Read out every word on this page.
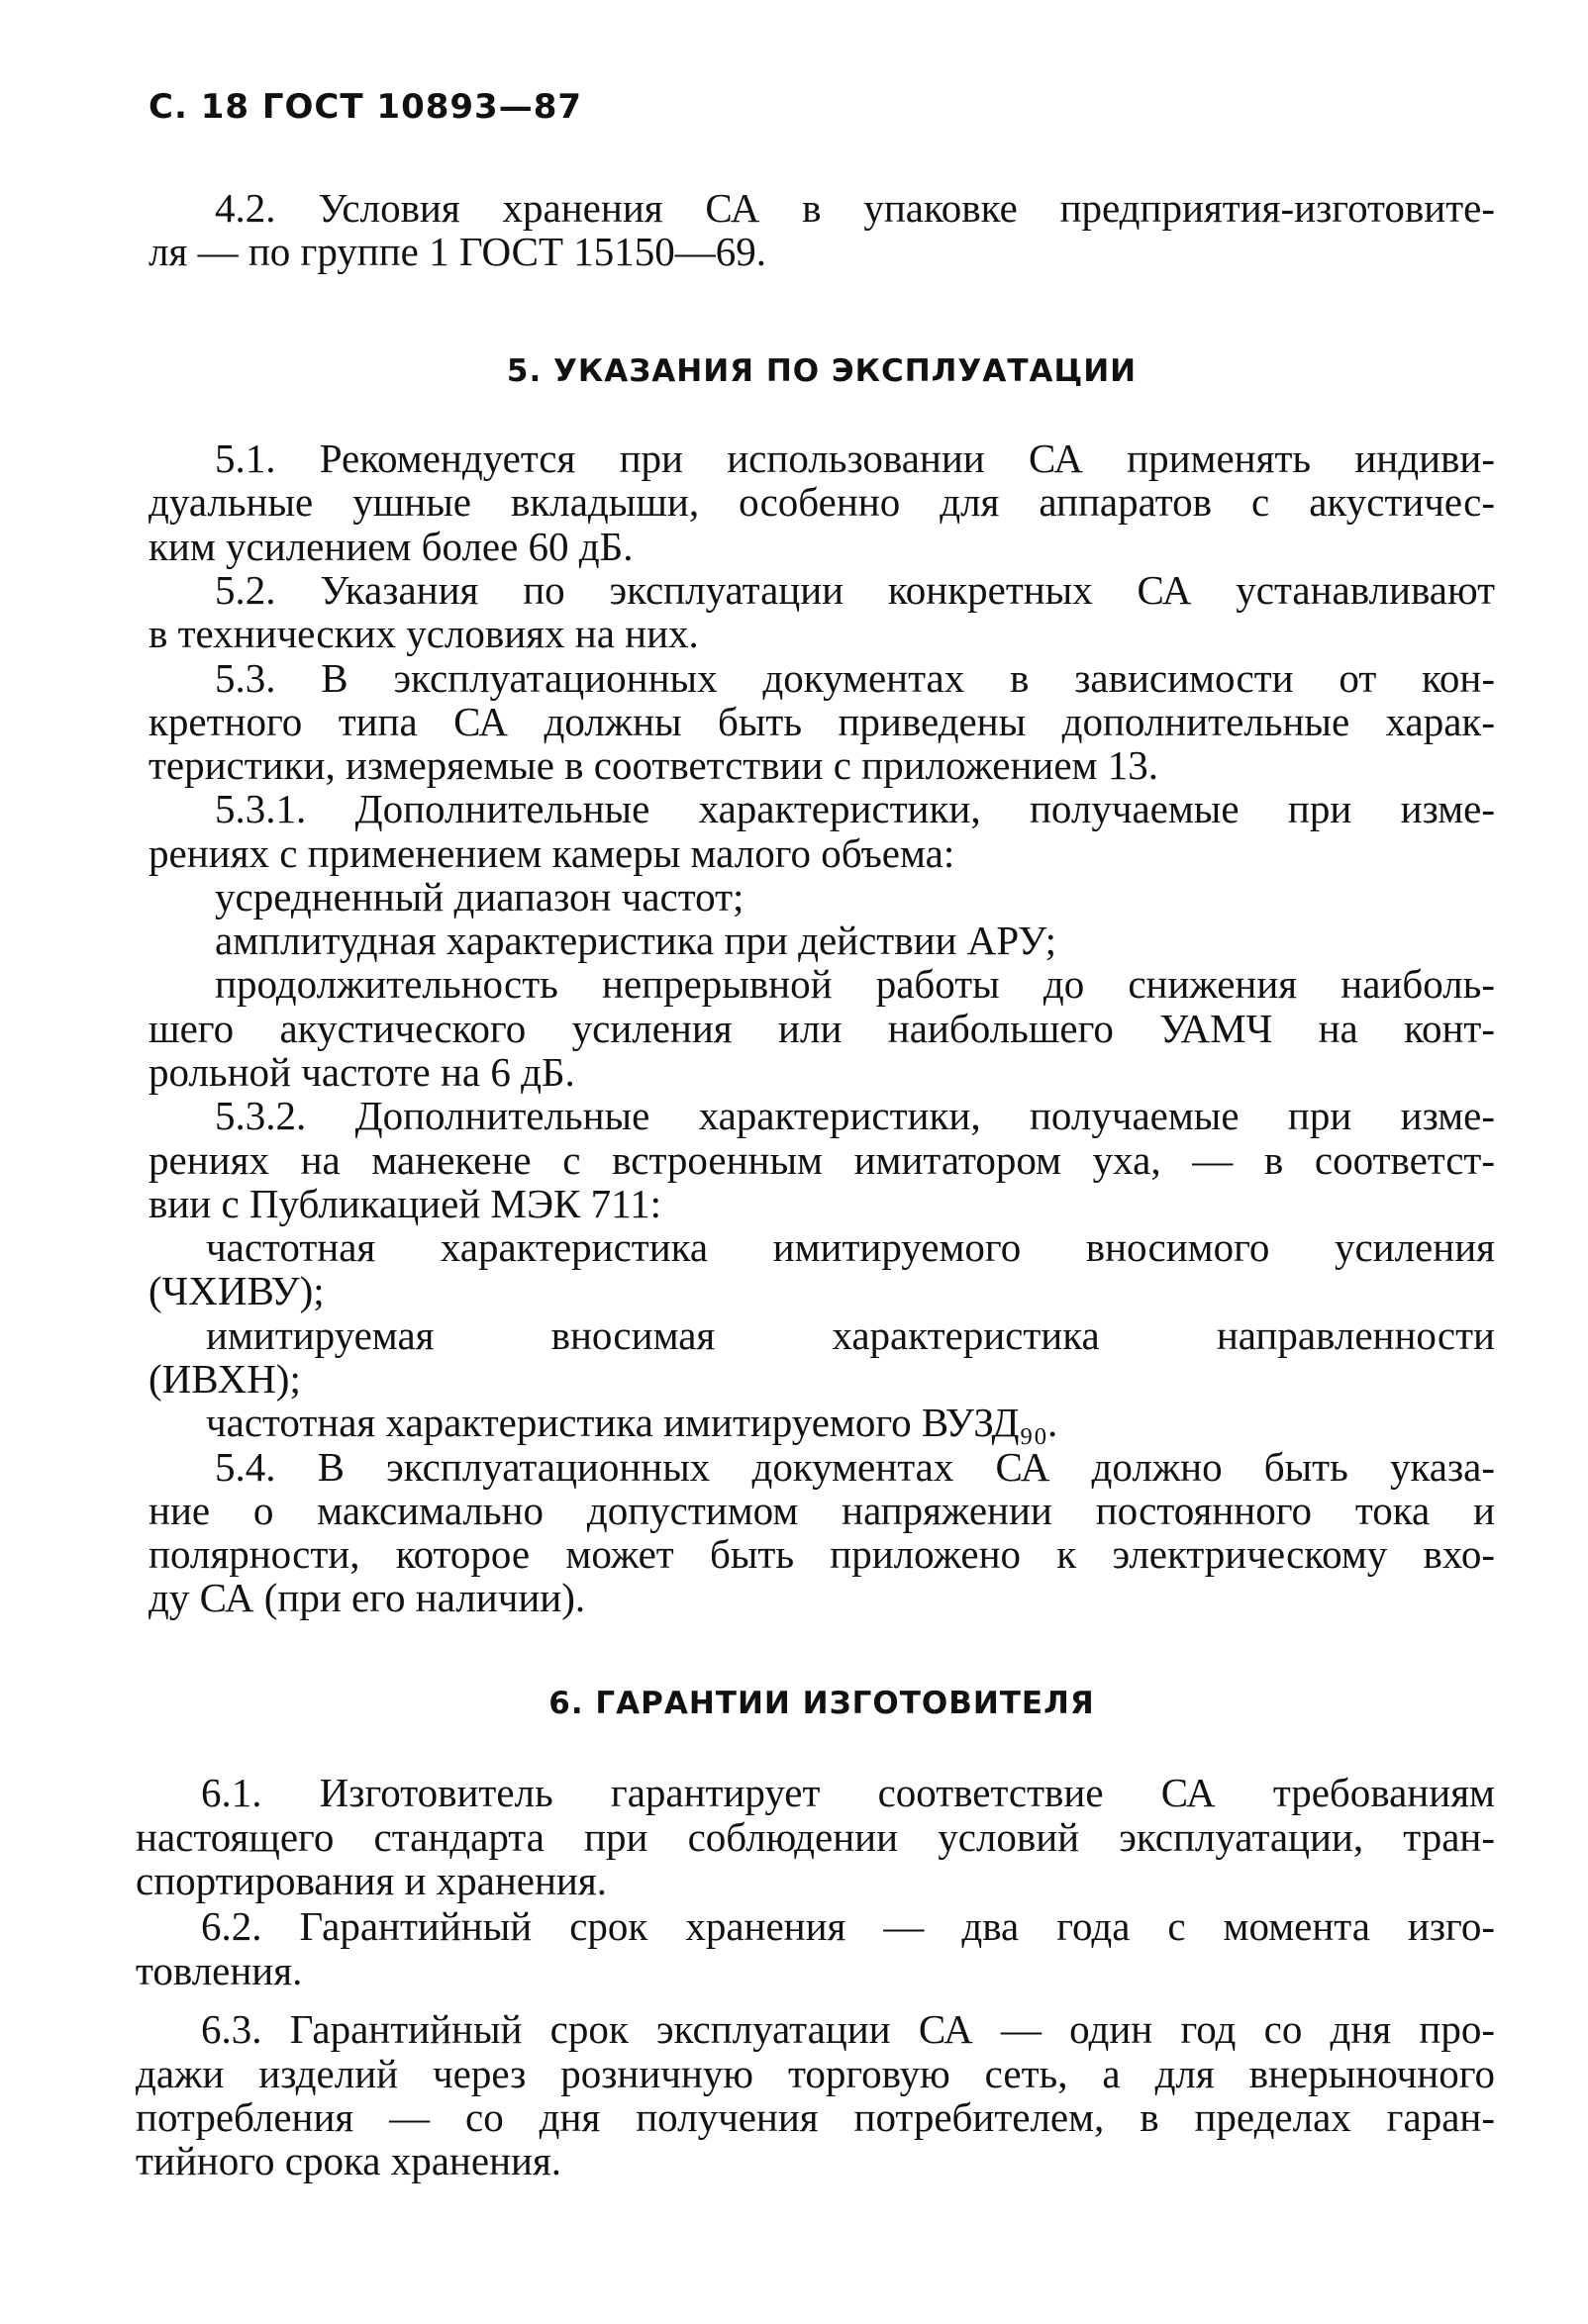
С. 18 ГОСТ 10893—87
4.2. Условия хранения СА в упаковке предприятия-изготовите-
ля — по группе 1 ГОСТ 15150—69.
5. УКАЗАНИЯ ПО ЭКСПЛУАТАЦИИ
5.1. Рекомендуется при использовании СА применять индиви-
дуальные ушные вкладыши, особенно для аппаратов с акустичес-
ким усилением более 60 дБ.
5.2. Указания по эксплуатации конкретных СА устанавливают
в технических условиях на них.
5.3. В эксплуатационных документах в зависимости от кон-
кретного типа СА должны быть приведены дополнительные харак-
теристики, измеряемые в соответствии с приложением 13.
5.3.1. Дополнительные характеристики, получаемые при изме-
рениях с применением камеры малого объема:
усредненный диапазон частот;
амплитудная характеристика при действии АРУ;
продолжительность непрерывной работы до снижения наиболь-
шего акустического усиления или наибольшего УАМЧ на конт-
рольной частоте на 6 дБ.
5.3.2. Дополнительные характеристики, получаемые при изме-
рениях на манекене с встроенным имитатором уха, — в соответст-
вии с Публикацией МЭК 711:
частотная характеристика имитируемого вносимого усиления
(ЧХИВУ);
имитируемая вносимая характеристика направленности
(ИВХН);
частотная характеристика имитируемого ВУЗД₉₀.
5.4. В эксплуатационных документах СА должно быть указа-
ние о максимально допустимом напряжении постоянного тока и
полярности, которое может быть приложено к электрическому вхо-
ду СА (при его наличии).
6. ГАРАНТИИ ИЗГОТОВИТЕЛЯ
6.1. Изготовитель гарантирует соответствие СА требованиям
настоящего стандарта при соблюдении условий эксплуатации, тран-
спортирования и хранения.
6.2. Гарантийный срок хранения — два года с момента изго-
товления.
6.3. Гарантийный срок эксплуатации СА — один год со дня про-
дажи изделий через розничную торговую сеть, а для внерыночного
потребления — со дня получения потребителем, в пределах гаран-
тийного срока хранения.
